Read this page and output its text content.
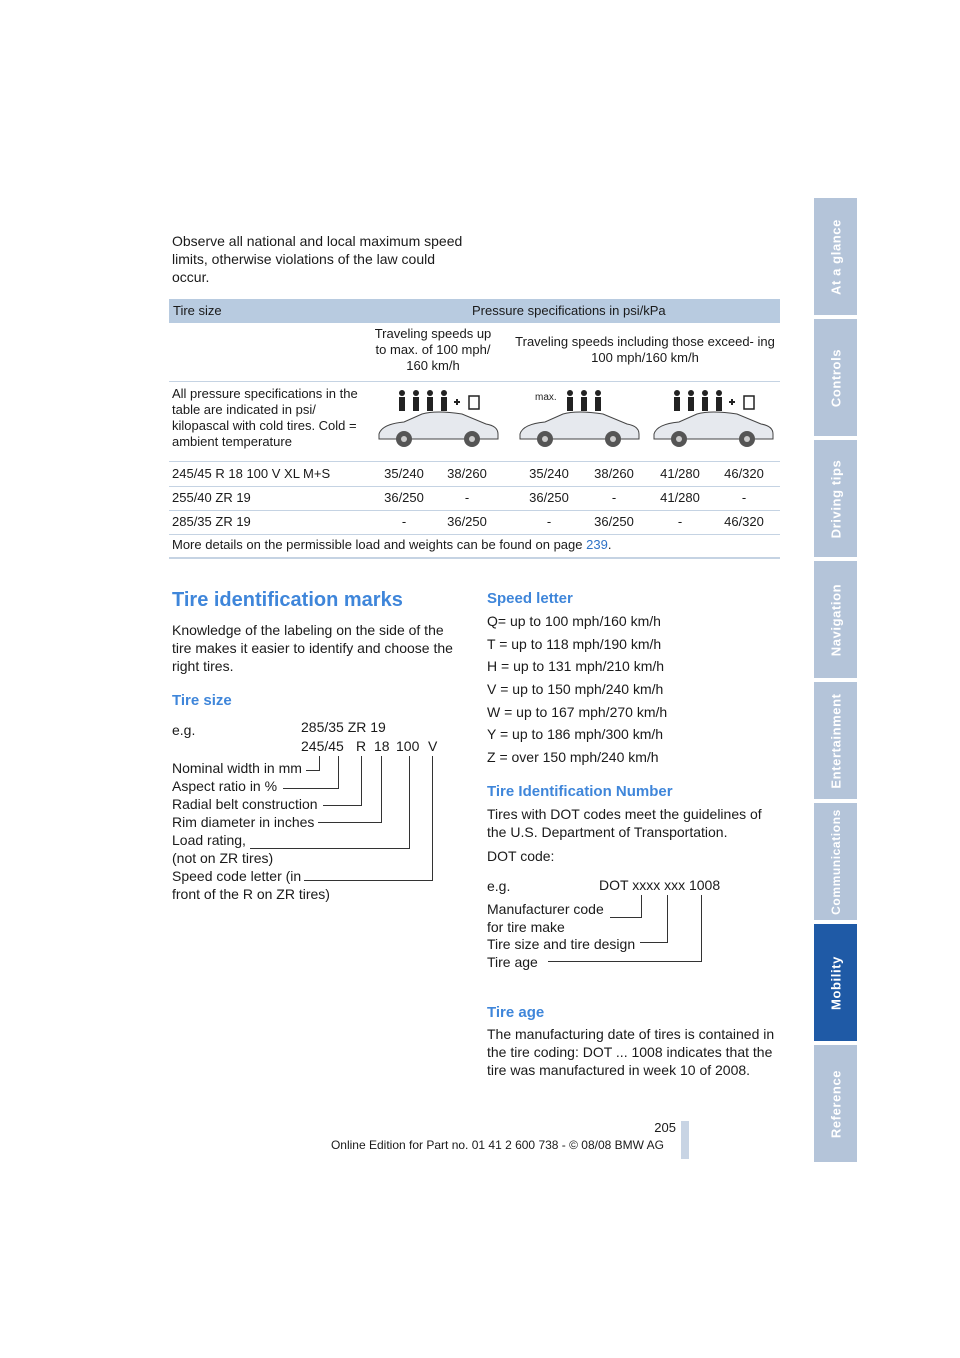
Observe all national and local maximum speed limits, otherwise violations of the law could occur.	At a glance
Controls
Driving tips
Navigation
Entertainment
Communications
Mobility
Reference
Tire size	Pressure specifications in psi/kPa
Traveling speeds up to max. of 100 mph/ 160 km/h
Traveling speeds including those exceed- ing 100 mph/160 km/h
All pressure specifications in the table are indicated in psi/ kilopascal with cold tires. Cold = ambient temperature
max.
245/45 R 18 100 V XL M+S	35/240	38/260	35/240	38/260	41/280	46/320
255/40 ZR 19	36/250	-	36/250	-	41/280	-
285/35 ZR 19	-	36/250	-	36/250	-	46/320
More details on the permissible load and weights can be found on page 239.
Tire identification marks
Knowledge of the labeling on the side of the tire makes it easier to identify and choose the right tires.
Tire size
e.g.	285/35 ZR 19
245/45 R 18 100 V
Nominal width in mm
Aspect ratio in %
Radial belt construction
Rim diameter in inches
Load rating,
(not on ZR tires)
Speed code letter (in
front of the R on ZR tires)
Speed letter
Q= up to 100 mph/160 km/h
T = up to 118 mph/190 km/h
H = up to 131 mph/210 km/h
V = up to 150 mph/240 km/h
W = up to 167 mph/270 km/h
Y = up to 186 mph/300 km/h
Z = over 150 mph/240 km/h
Tire Identification Number
Tires with DOT codes meet the guidelines of the U.S. Department of Transportation.
DOT code:
e.g.	DOT xxxx xxx 1008
Manufacturer code
for tire make
Tire size and tire design
Tire age
Tire age
The manufacturing date of tires is contained in the tire coding: DOT ... 1008 indicates that the tire was manufactured in week 10 of 2008.
205
Online Edition for Part no. 01 41 2 600 738 - © 08/08 BMW AG
